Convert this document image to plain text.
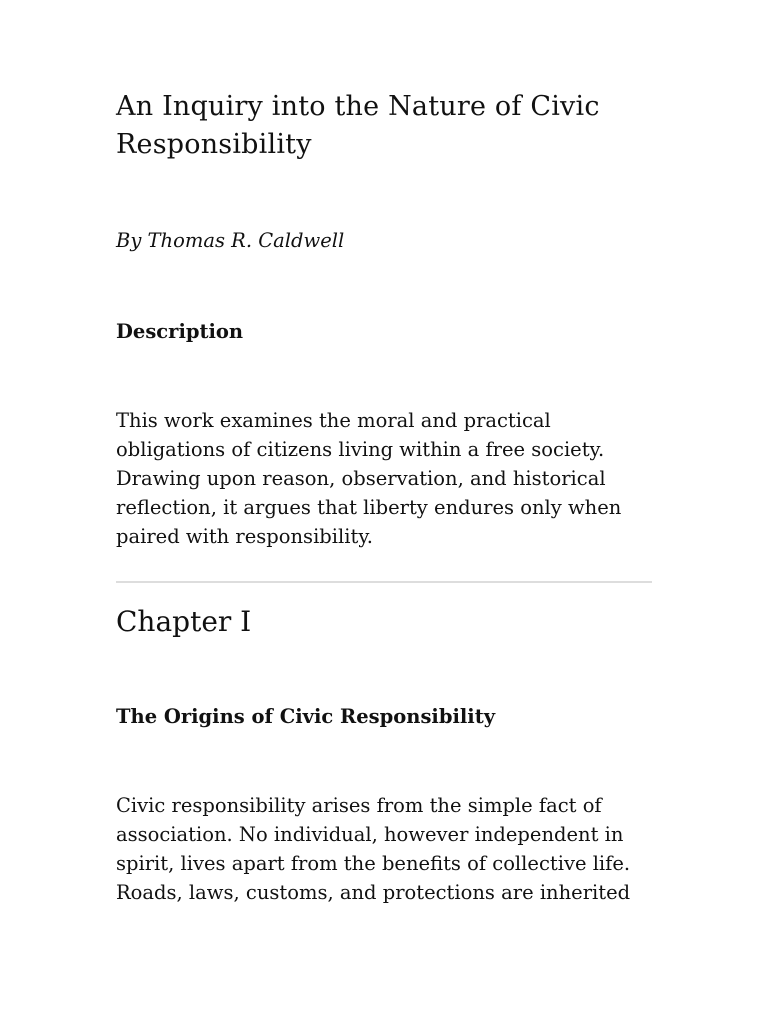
An Inquiry into the Nature of Civic Responsibility

By Thomas R. Caldwell

Description

This work examines the moral and practical obligations of citizens living within a free society. Drawing upon reason, observation, and historical reflection, it argues that liberty endures only when paired with responsibility.

Chapter I
The Origins of Civic Responsibility

Civic responsibility arises from the simple fact of association. No individual, however independent in spirit, lives apart from the benefits of collective life. Roads, laws, customs, and protections are inherited
